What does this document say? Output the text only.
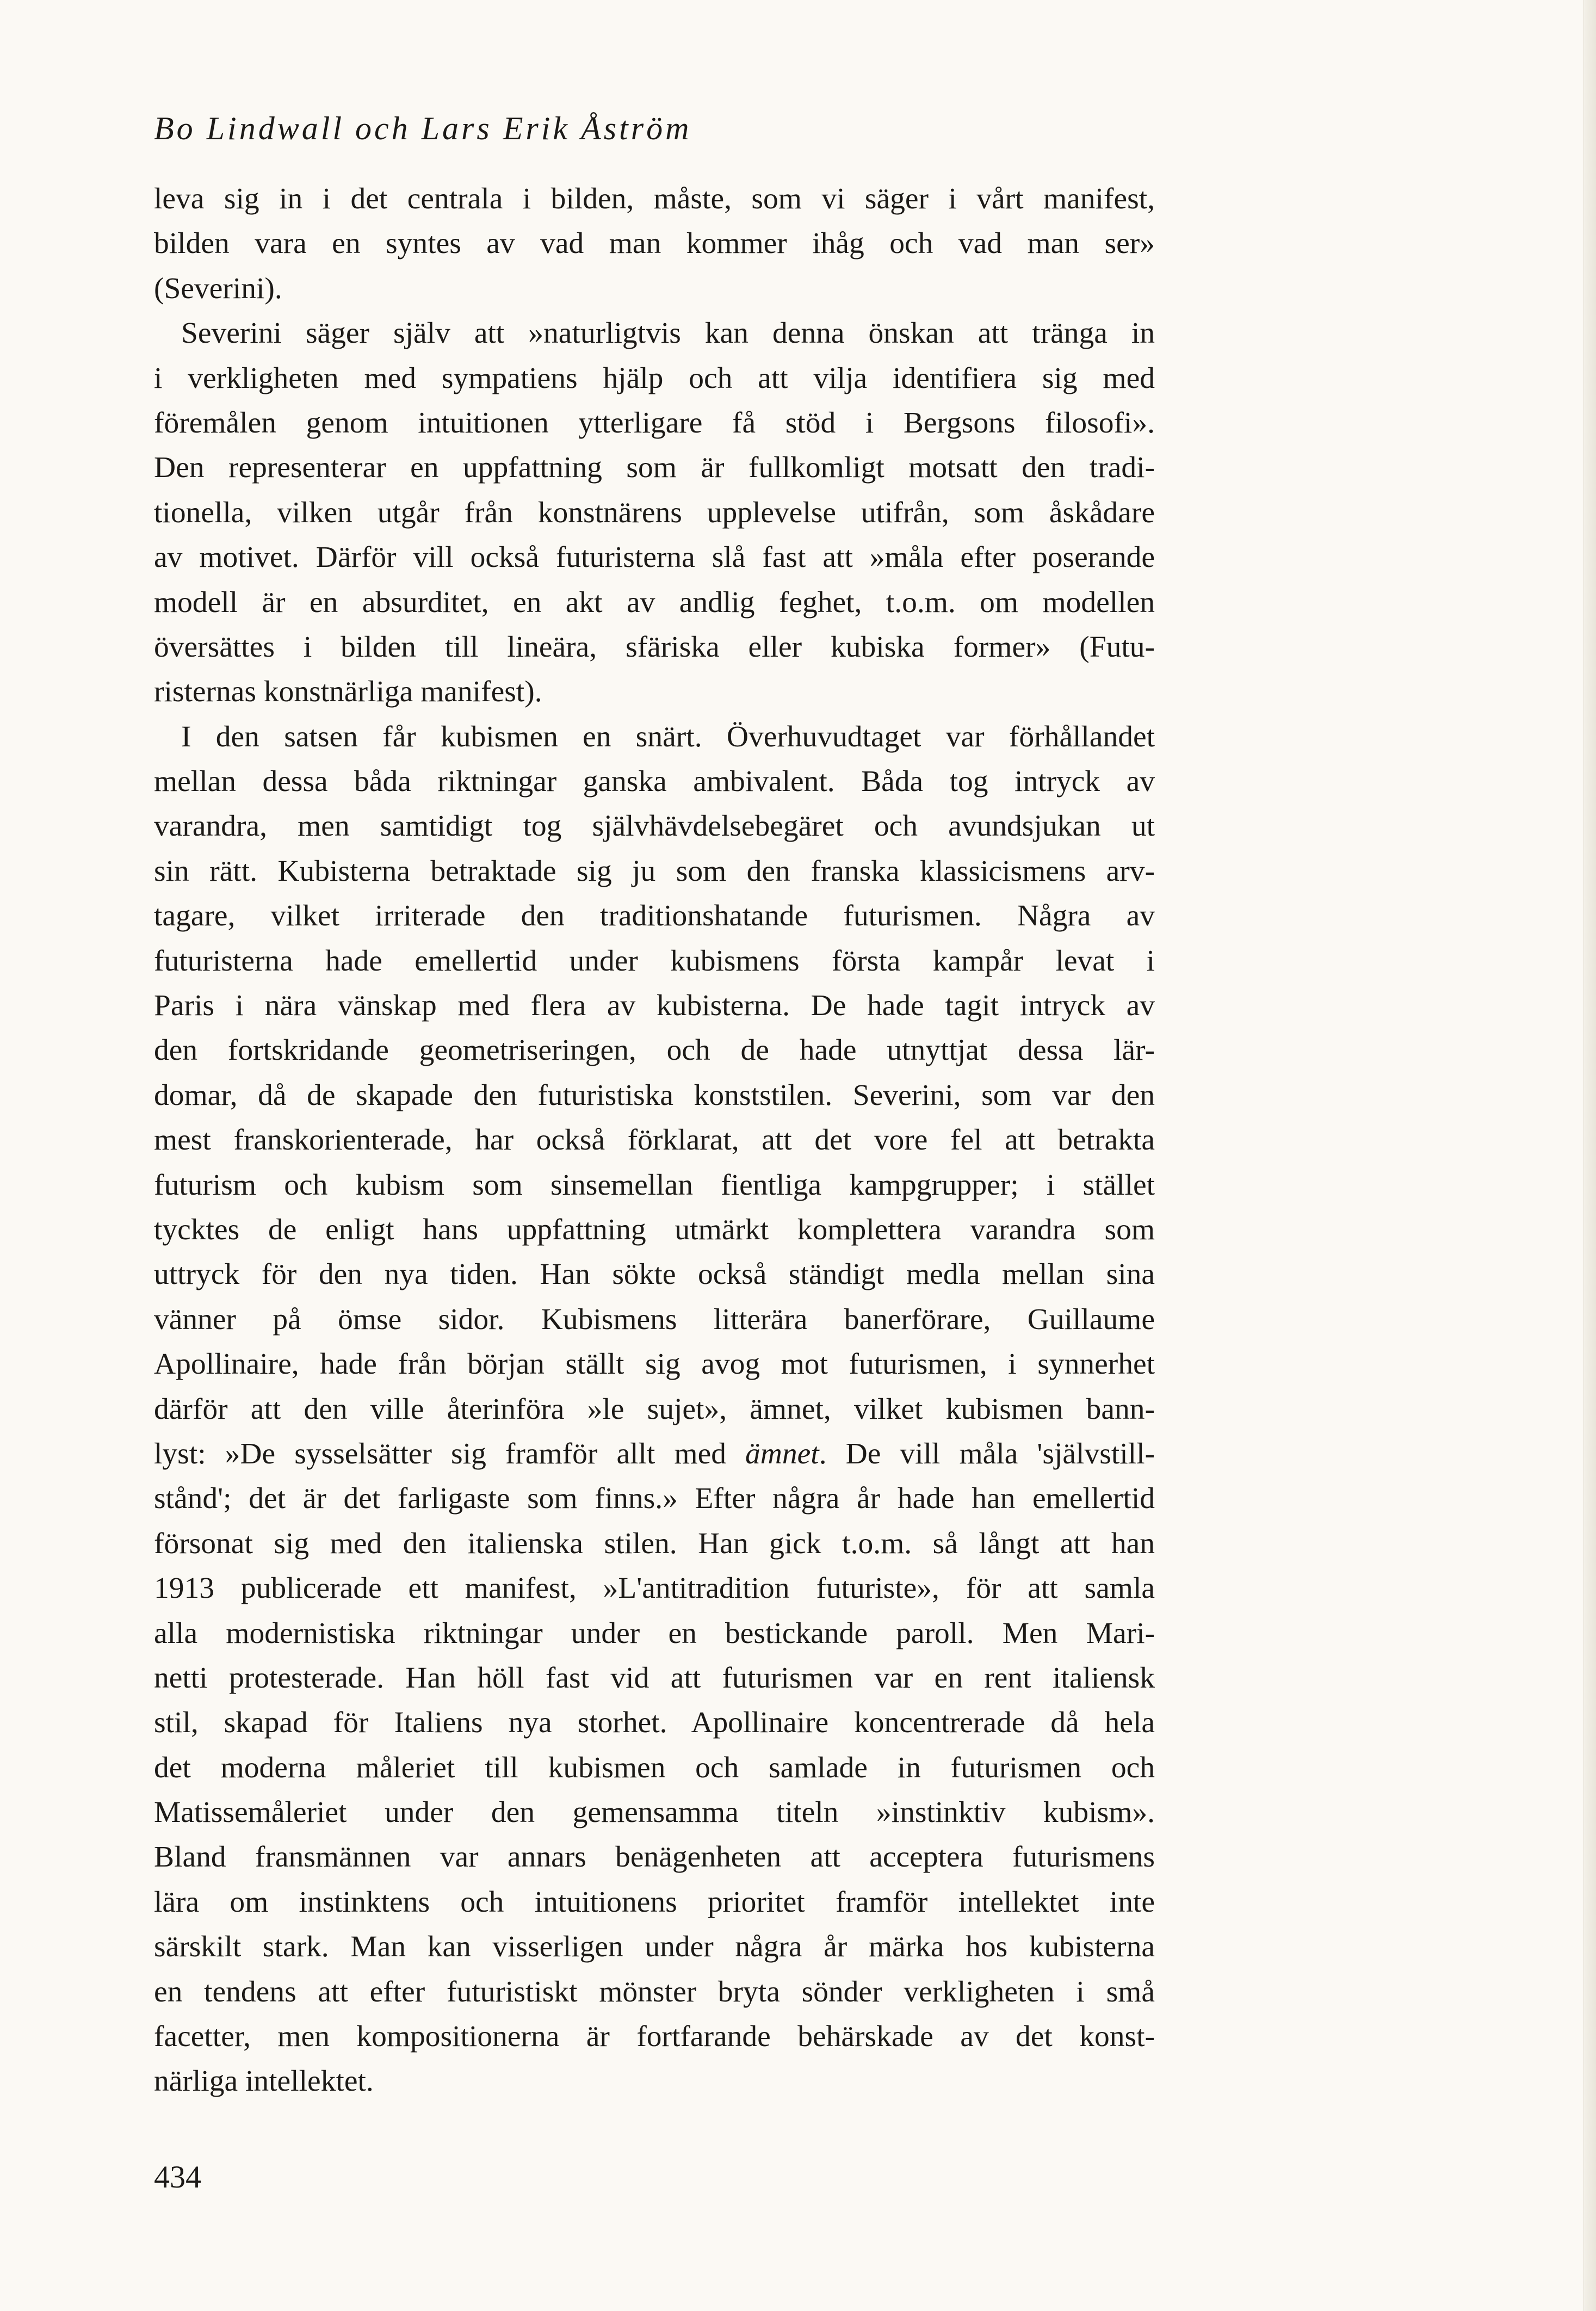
Bo Lindwall och Lars Erik Åström
leva sig in i det centrala i bilden, måste, som vi säger i vårt manifest,
bilden vara en syntes av vad man kommer ihåg och vad man ser»
(Severini).
Severini säger själv att »naturligtvis kan denna önskan att tränga in
i verkligheten med sympatiens hjälp och att vilja identifiera sig med
föremålen genom intuitionen ytterligare få stöd i Bergsons filosofi».
Den representerar en uppfattning som är fullkomligt motsatt den tradi-
tionella, vilken utgår från konstnärens upplevelse utifrån, som åskådare
av motivet. Därför vill också futuristerna slå fast att »måla efter poserande
modell är en absurditet, en akt av andlig feghet, t.o.m. om modellen
översättes i bilden till lineära, sfäriska eller kubiska former» (Futu-
risternas konstnärliga manifest).
I den satsen får kubismen en snärt. Överhuvudtaget var förhållandet
mellan dessa båda riktningar ganska ambivalent. Båda tog intryck av
varandra, men samtidigt tog självhävdelsebegäret och avundsjukan ut
sin rätt. Kubisterna betraktade sig ju som den franska klassicismens arv-
tagare, vilket irriterade den traditionshatande futurismen. Några av
futuristerna hade emellertid under kubismens första kampår levat i
Paris i nära vänskap med flera av kubisterna. De hade tagit intryck av
den fortskridande geometriseringen, och de hade utnyttjat dessa lär-
domar, då de skapade den futuristiska konststilen. Severini, som var den
mest franskorienterade, har också förklarat, att det vore fel att betrakta
futurism och kubism som sinsemellan fientliga kampgrupper; i stället
tycktes de enligt hans uppfattning utmärkt komplettera varandra som
uttryck för den nya tiden. Han sökte också ständigt medla mellan sina
vänner på ömse sidor. Kubismens litterära banerförare, Guillaume
Apollinaire, hade från början ställt sig avog mot futurismen, i synnerhet
därför att den ville återinföra »le sujet», ämnet, vilket kubismen bann-
lyst: »De sysselsätter sig framför allt med ämnet. De vill måla 'självstill-
stånd'; det är det farligaste som finns.» Efter några år hade han emellertid
försonat sig med den italienska stilen. Han gick t.o.m. så långt att han
1913 publicerade ett manifest, »L'antitradition futuriste», för att samla
alla modernistiska riktningar under en bestickande paroll. Men Mari-
netti protesterade. Han höll fast vid att futurismen var en rent italiensk
stil, skapad för Italiens nya storhet. Apollinaire koncentrerade då hela
det moderna måleriet till kubismen och samlade in futurismen och
Matissemåleriet under den gemensamma titeln »instinktiv kubism».
Bland fransmännen var annars benägenheten att acceptera futurismens
lära om instinktens och intuitionens prioritet framför intellektet inte
särskilt stark. Man kan visserligen under några år märka hos kubisterna
en tendens att efter futuristiskt mönster bryta sönder verkligheten i små
facetter, men kompositionerna är fortfarande behärskade av det konst-
närliga intellektet.
434
